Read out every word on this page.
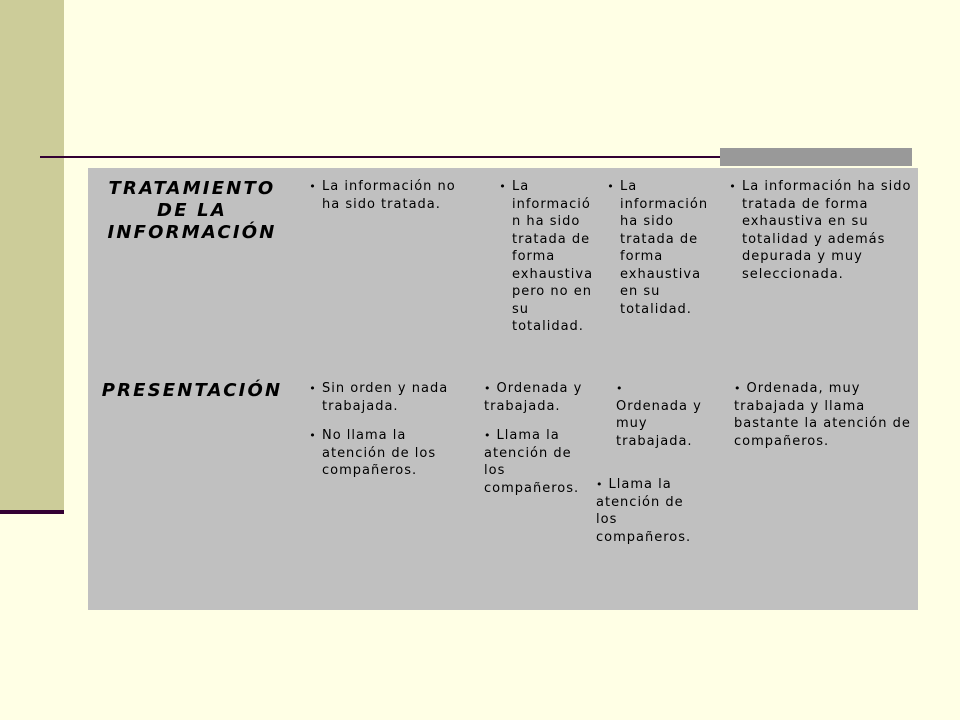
TRATAMIENTO DE LA INFORMACIÓN
• La información no ha sido tratada.
• La informació n ha sido tratada de forma exhaustiva pero no en su totalidad.
• La información ha sido tratada de forma exhaustiva en su totalidad.
• La información ha sido tratada de forma exhaustiva en su totalidad y además depurada y muy seleccionada.
PRESENTACIÓN	• Sin orden y nada trabajada.
• No llama la atención de los compañeros.
• Ordenada y trabajada.
• Llama la atención de los compañeros.
•
Ordenada y muy trabajada.
• Llama la atención de los compañeros.
• Ordenada, muy trabajada y llama bastante la atención de compañeros.
